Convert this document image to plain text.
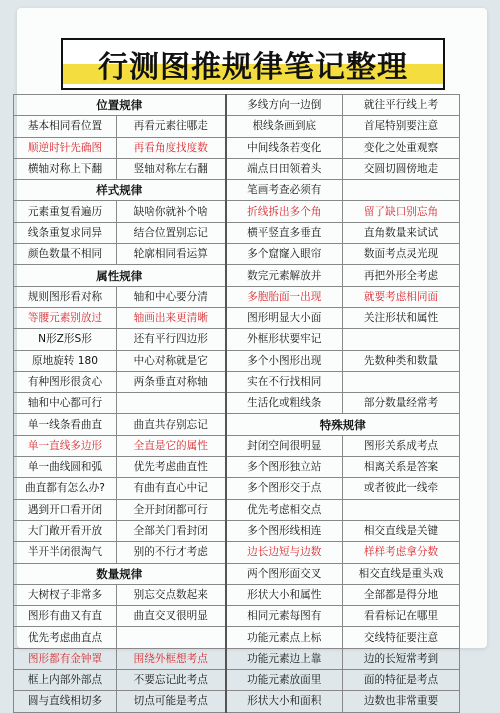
行测图推规律笔记整理
位置规律		多线方向一边倒	就往平行线上考
基本相同看位置	再看元素往哪走	根线条画到底	首尾特别要注意
顺逆时针先确图	再看角度找度数	中间线条若变化	变化之处重观察
横轴对称上下翻	竖轴对称左右翻	端点日田领着头	交圆切圆傍地走
样式规律		笔画考查必须有	
元素重复看遍历	缺啥你就补个啥	折线拆出多个角	留了缺口别忘角
线条重复求同异	结合位置别忘记	横平竖直多垂直	直角数量来试试
颜色数量不相同	轮廓相同看运算	多个窟窿入眼帘	数面考点灵光现
属性规律		数完元素解放并	再把外形全考虑
规则图形看对称	轴和中心要分清	多胞胎面一出现	就要考虑相同面
等腰元素别放过	轴画出来更清晰	图形明显大小面	关注形状和属性
N形Z形S形	还有平行四边形	外框形状要牢记	
原地旋转 180	中心对称就是它	多个小图形出现	先数种类和数量
有种图形很贪心	两条垂直对称轴	实在不行找相同	
轴和中心都可行		生活化或粗线条	部分数量经常考
单一线条看曲直	曲直共存别忘记	特殊规律	
单一直线多边形	全直是它的属性	封闭空间很明显	图形关系成考点
单一曲线圆和弧	优先考虑曲直性	多个图形独立站	相离关系是答案
曲直都有怎么办?	有曲有直心中记	多个图形交于点	或者彼此一线牵
遇到开口看开闭	全开封闭都可行	优先考虑相交点	
大门敞开看开放	全部关门看封闭	多个图形线相连	相交直线是关键
半开半闭很淘气	别的不行才考虑	边长边短与边数	样样考虑拿分数
数量规律		两个图形面交叉	相交直线是重头戏
大树杈子非常多	别忘交点数起来	形状大小和属性	全部都是得分地
图形有曲又有直	曲直交叉很明显	相同元素每图有	看看标记在哪里
优先考虑曲直点		功能元素点上标	交线特征要注意
图形都有金钟罩	围绕外框想考点	功能元素边上靠	边的长短常考到
框上内部外部点	不要忘记此考点	功能元素放面里	面的特征是考点
圆与直线相切多	切点可能是考点	形状大小和面积	边数也非常重要
